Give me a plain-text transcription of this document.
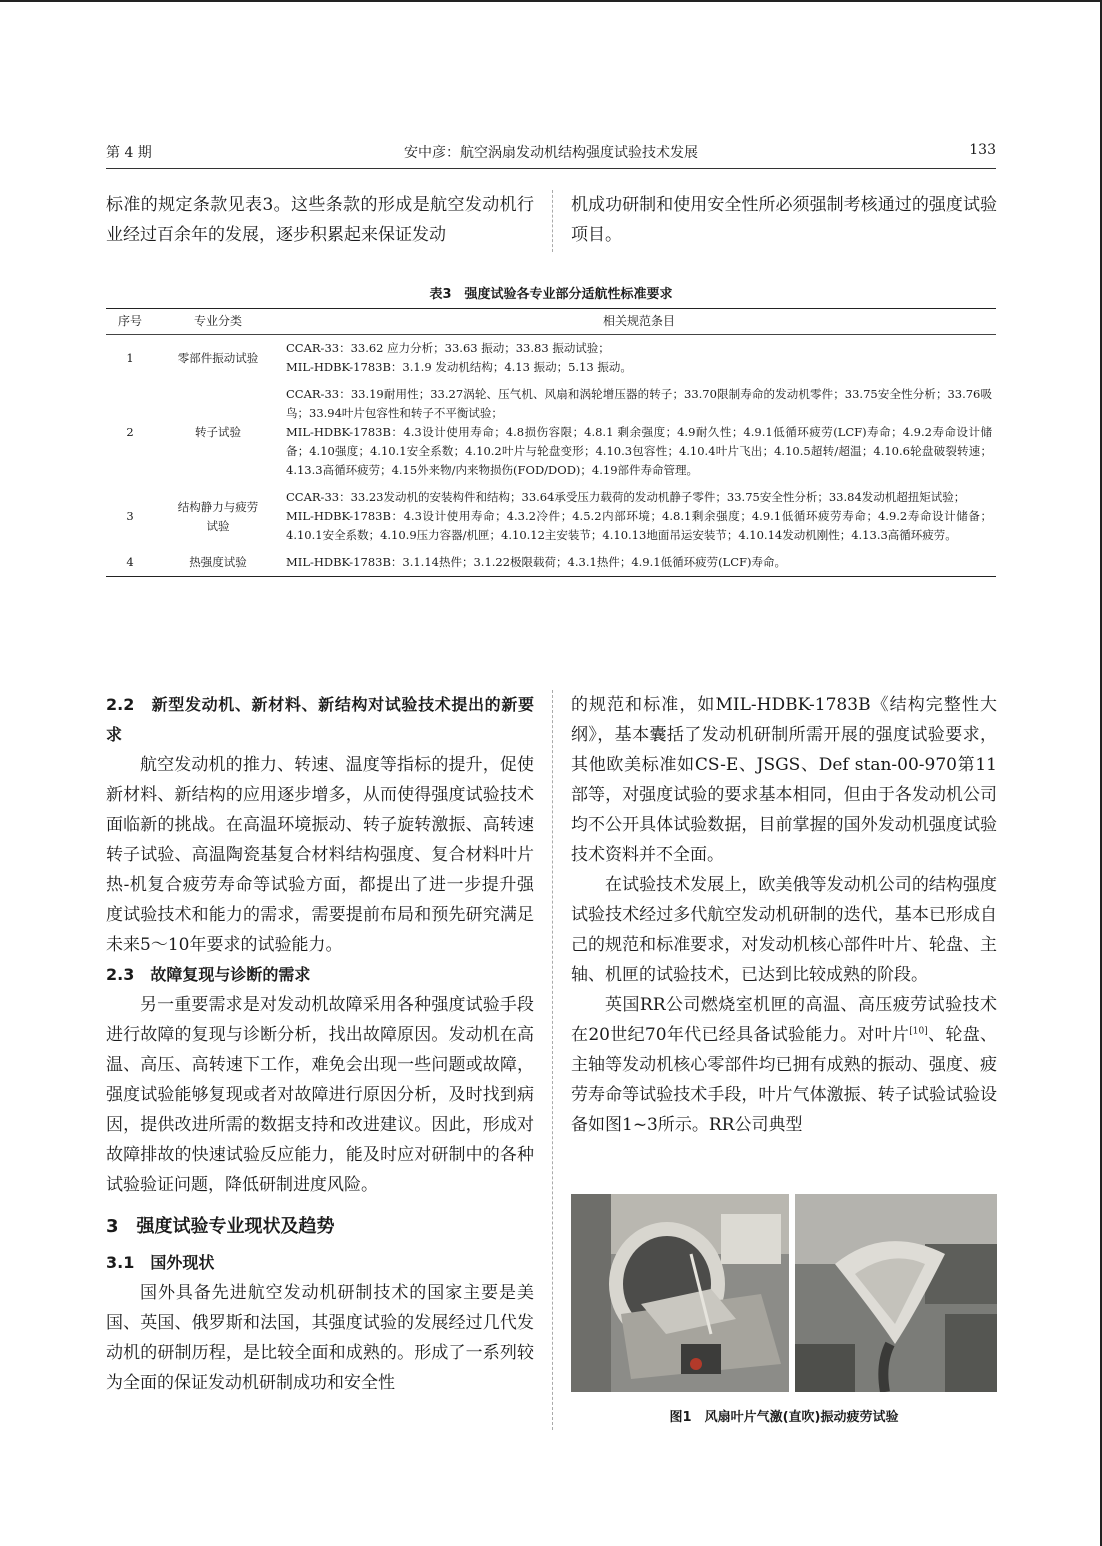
第 4 期	安中彦：航空涡扇发动机结构强度试验技术发展	133

标准的规定条款见表3。这些条款的形成是航空发动机行业经过百余年的发展，逐步积累起来保证发动

机成功研制和使用安全性所必须强制考核通过的强度试验项目。

表3　强度试验各专业部分适航性标准要求
序号	专业分类	相关规范条目
1	零部件振动试验	CCAR-33：33.62 应力分析；33.63 振动；33.83 振动试验；
MIL-HDBK-1783B：3.1.9 发动机结构；4.13 振动；5.13 振动。

2	转子试验	CCAR-33：33.19耐用性；33.27涡轮、压气机、风扇和涡轮增压器的转子；33.70限制寿命的发动机零件；33.75安全性分析；33.76吸鸟；33.94叶片包容性和转子不平衡试验；
MIL-HDBK-1783B：4.3设计使用寿命；4.8损伤容限；4.8.1 剩余强度；4.9耐久性；4.9.1低循环疲劳(LCF)寿命；4.9.2寿命设计储备；4.10强度；4.10.1安全系数；4.10.2叶片与轮盘变形；4.10.3包容性；4.10.4叶片飞出；4.10.5超转/超温；4.10.6轮盘破裂转速；4.13.3高循环疲劳；4.15外来物/内来物损伤(FOD/DOD)；4.19部件寿命管理。

3	结构静力与疲劳试验	CCAR-33：33.23发动机的安装构件和结构；33.64承受压力载荷的发动机静子零件；33.75安全性分析；33.84发动机超扭矩试验；
MIL-HDBK-1783B：4.3设计使用寿命；4.3.2冷件；4.5.2内部环境；4.8.1剩余强度；4.9.1低循环疲劳寿命；4.9.2寿命设计储备；4.10.1安全系数；4.10.9压力容器/机匣；4.10.12主安装节；4.10.13地面吊运安装节；4.10.14发动机刚性；4.13.3高循环疲劳。

4	热强度试验	MIL-HDBK-1783B：3.1.14热件；3.1.22极限载荷；4.3.1热件；4.9.1低循环疲劳(LCF)寿命。
2.2　新型发动机、新材料、新结构对试验技术提出的新要求

航空发动机的推力、转速、温度等指标的提升，促使新材料、新结构的应用逐步增多，从而使得强度试验技术面临新的挑战。在高温环境振动、转子旋转激振、高转速转子试验、高温陶瓷基复合材料结构强度、复合材料叶片热-机复合疲劳寿命等试验方面，都提出了进一步提升强度试验技术和能力的需求，需要提前布局和预先研究满足未来5～10年要求的试验能力。

2.3　故障复现与诊断的需求

另一重要需求是对发动机故障采用各种强度试验手段进行故障的复现与诊断分析，找出故障原因。发动机在高温、高压、高转速下工作，难免会出现一些问题或故障，强度试验能够复现或者对故障进行原因分析，及时找到病因，提供改进所需的数据支持和改进建议。因此，形成对故障排故的快速试验反应能力，能及时应对研制中的各种试验验证问题，降低研制进度风险。

3　强度试验专业现状及趋势
3.1　国外现状

国外具备先进航空发动机研制技术的国家主要是美国、英国、俄罗斯和法国，其强度试验的发展经过几代发动机的研制历程，是比较全面和成熟的。形成了一系列较为全面的保证发动机研制成功和安全性

的规范和标准，如MIL-HDBK-1783B《结构完整性大纲》，基本囊括了发动机研制所需开展的强度试验要求，其他欧美标准如CS-E、JSGS、Def stan-00-970第11部等，对强度试验的要求基本相同，但由于各发动机公司均不公开具体试验数据，目前掌握的国外发动机强度试验技术资料并不全面。

在试验技术发展上，欧美俄等发动机公司的结构强度试验技术经过多代航空发动机研制的迭代，基本已形成自己的规范和标准要求，对发动机核心部件叶片、轮盘、主轴、机匣的试验技术，已达到比较成熟的阶段。

英国RR公司燃烧室机匣的高温、高压疲劳试验技术在20世纪70年代已经具备试验能力。对叶片[10]、轮盘、主轴等发动机核心零部件均已拥有成熟的振动、强度、疲劳寿命等试验技术手段，叶片气体激振、转子试验试验设备如图1~3所示。RR公司典型

图1　风扇叶片气激(直吹)振动疲劳试验
